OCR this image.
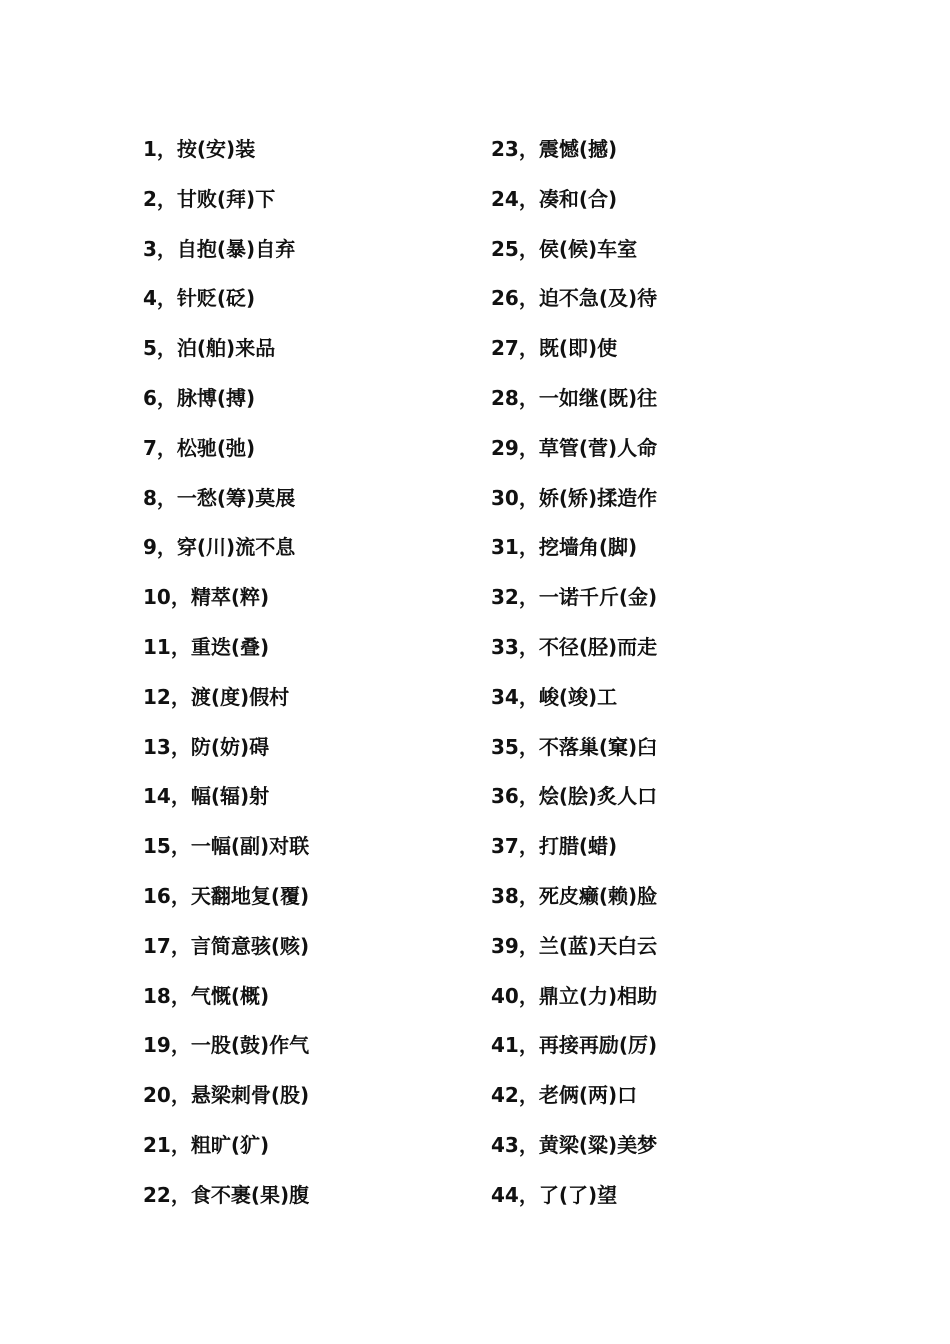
1，按(安)装
2，甘败(拜)下
3，自抱(暴)自弃
4，针贬(砭)
5，泊(舶)来品
6，脉博(搏)
7，松驰(弛)
8，一愁(筹)莫展
9，穿(川)流不息
10，精萃(粹)
11，重迭(叠)
12，渡(度)假村
13，防(妨)碍
14，幅(辐)射
15，一幅(副)对联
16，天翻地复(覆)
17，言简意骇(赅)
18，气慨(概)
19，一股(鼓)作气
20，悬梁刺骨(股)
21，粗旷(犷)
22，食不裹(果)腹
23，震憾(撼)
24，凑和(合)
25，侯(候)车室
26，迫不急(及)待
27，既(即)使
28，一如继(既)往
29，草管(菅)人命
30，娇(矫)揉造作
31，挖墙角(脚)
32，一诺千斤(金)
33，不径(胫)而走
34，峻(竣)工
35，不落巢(窠)臼
36，烩(脍)炙人口
37，打腊(蜡)
38，死皮癞(赖)脸
39，兰(蓝)天白云
40，鼎立(力)相助
41，再接再励(厉)
42，老俩(两)口
43，黄梁(粱)美梦
44，了(了)望
